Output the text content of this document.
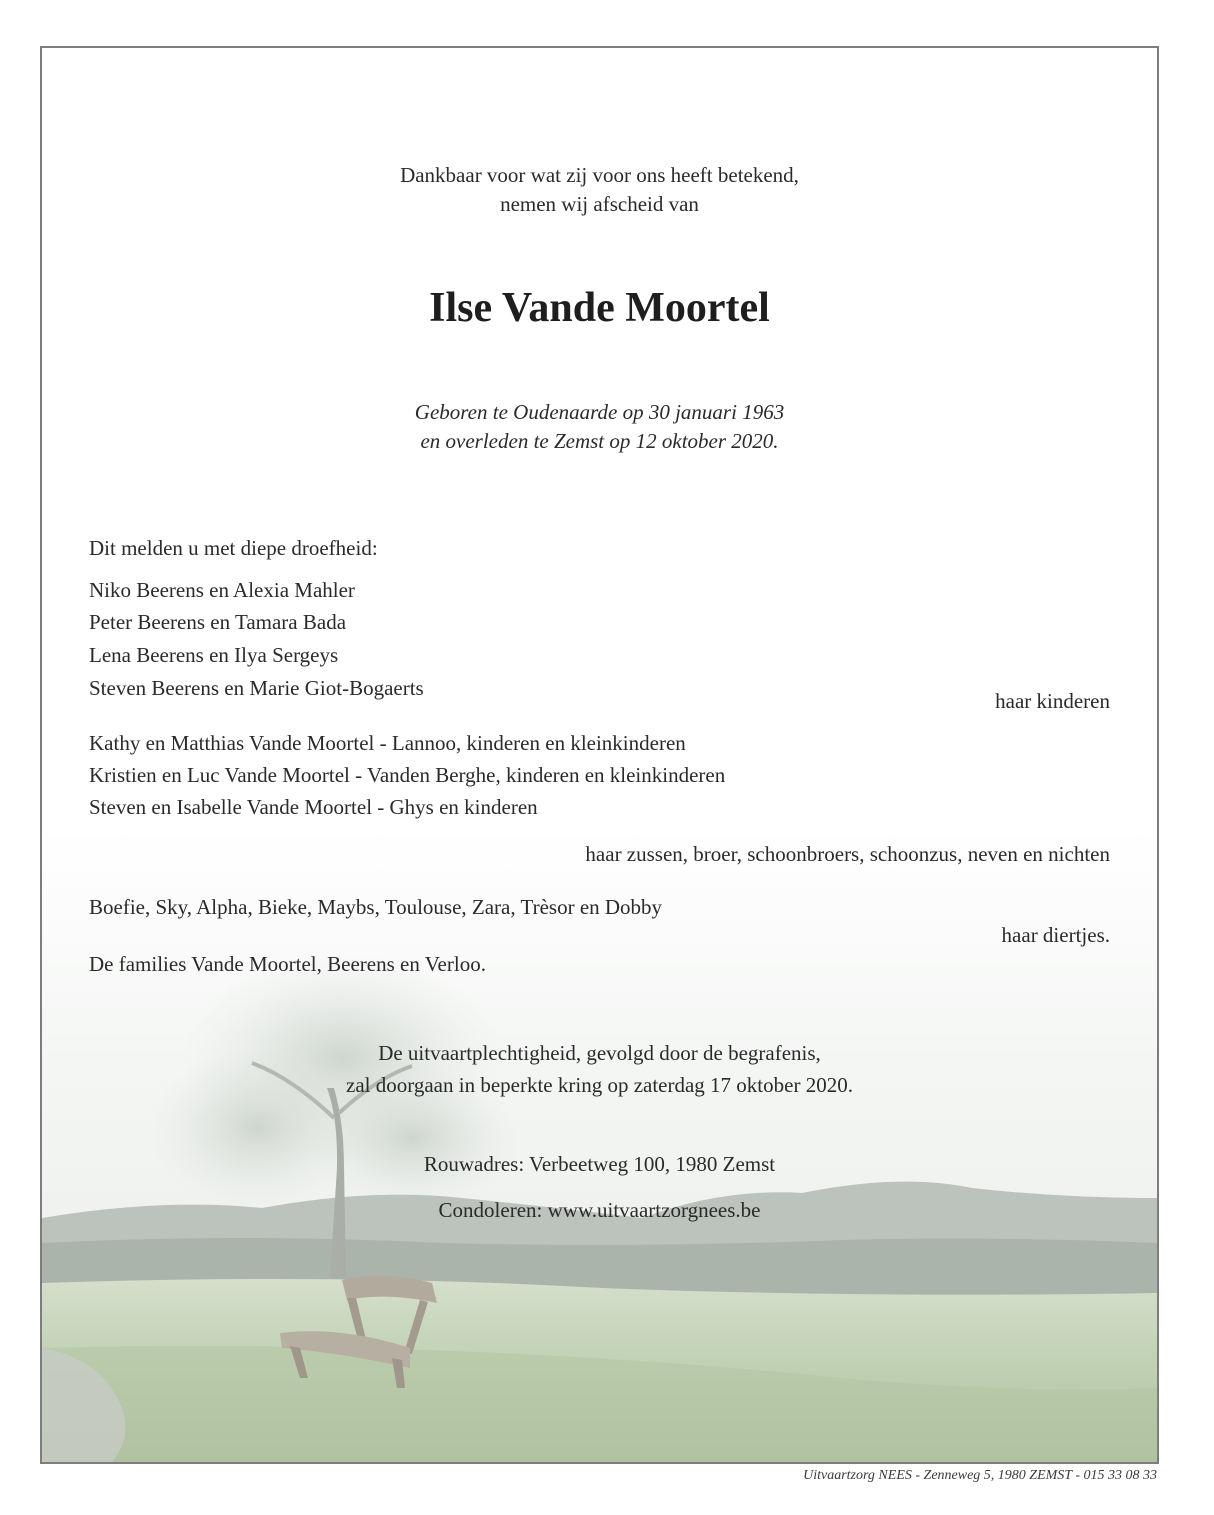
Dankbaar voor wat zij voor ons heeft betekend,
nemen wij afscheid van
Ilse Vande Moortel
Geboren te Oudenaarde op 30 januari 1963
en overleden te Zemst op 12 oktober 2020.
Dit melden u met diepe droefheid:
Niko Beerens en Alexia Mahler
Peter Beerens en Tamara Bada
Lena Beerens en Ilya Sergeys
Steven Beerens en Marie Giot-Bogaerts
haar kinderen
Kathy en Matthias Vande Moortel - Lannoo, kinderen en kleinkinderen
Kristien en Luc Vande Moortel - Vanden Berghe, kinderen en kleinkinderen
Steven en Isabelle Vande Moortel - Ghys en kinderen
haar zussen, broer, schoonbroers, schoonzus, neven en nichten
Boefie, Sky, Alpha, Bieke, Maybs, Toulouse, Zara, Trèsor en Dobby
haar diertjes.
De families Vande Moortel, Beerens en Verloo.
De uitvaartplechtigheid, gevolgd door de begrafenis,
zal doorgaan in beperkte kring op zaterdag 17 oktober 2020.
Rouwadres: Verbeetweg 100, 1980 Zemst
Condoleren: www.uitvaartzorgnees.be
Uitvaartzorg NEES - Zenneweg 5, 1980 ZEMST - 015 33 08 33
